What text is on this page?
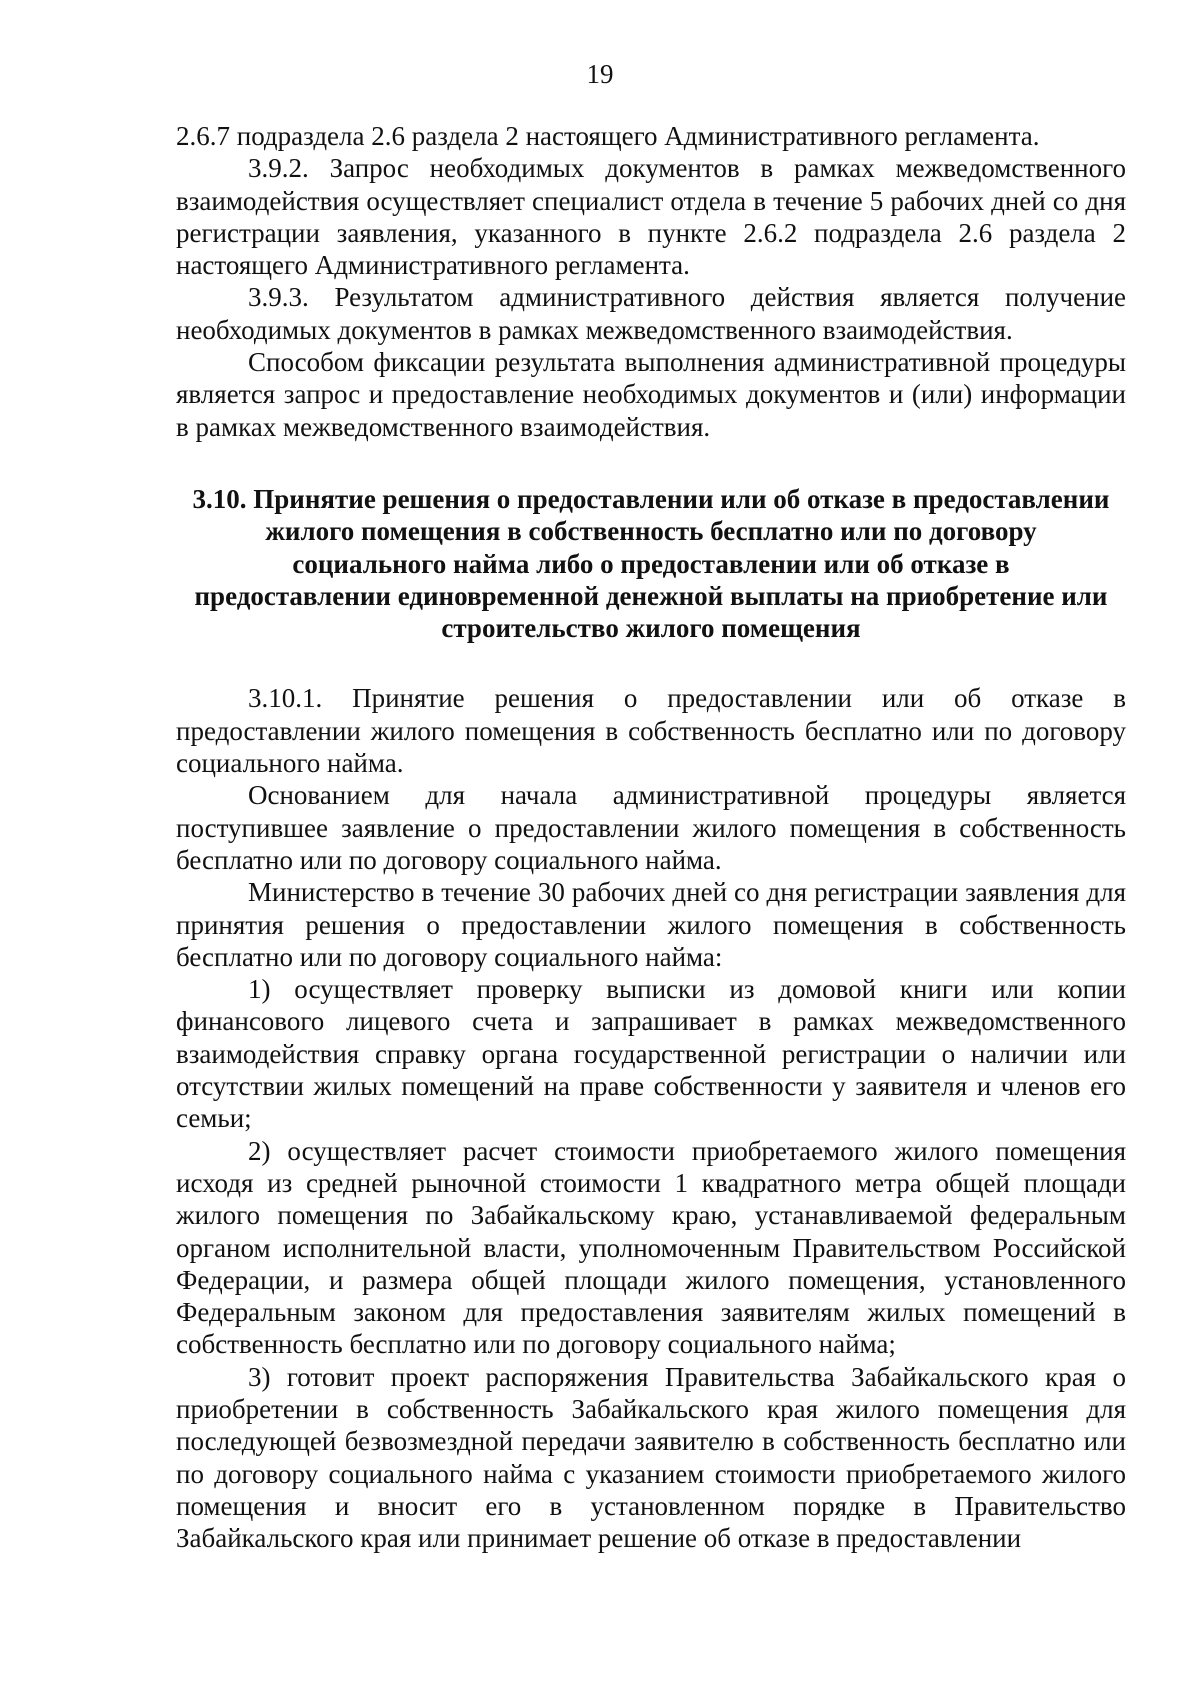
19

2.6.7 подраздела 2.6 раздела 2 настоящего Административного регламента.

3.9.2. Запрос необходимых документов в рамках межведомственного взаимодействия осуществляет специалист отдела в течение 5 рабочих дней со дня регистрации заявления, указанного в пункте 2.6.2 подраздела 2.6 раздела 2 настоящего Административного регламента.

3.9.3. Результатом административного действия является получение необходимых документов в рамках межведомственного взаимодействия.

Способом фиксации результата выполнения административной процедуры является запрос и предоставление необходимых документов и (или) информации в рамках межведомственного взаимодействия.

3.10. Принятие решения о предоставлении или об отказе в предоставлении жилого помещения в собственность бесплатно или по договору социального найма либо о предоставлении или об отказе в предоставлении единовременной денежной выплаты на приобретение или строительство жилого помещения

3.10.1. Принятие решения о предоставлении или об отказе в предоставлении жилого помещения в собственность бесплатно или по договору социального найма.

Основанием для начала административной процедуры является поступившее заявление о предоставлении жилого помещения в собственность бесплатно или по договору социального найма.

Министерство в течение 30 рабочих дней со дня регистрации заявления для принятия решения о предоставлении жилого помещения в собственность бесплатно или по договору социального найма:

1) осуществляет проверку выписки из домовой книги или копии финансового лицевого счета и запрашивает в рамках межведомственного взаимодействия справку органа государственной регистрации о наличии или отсутствии жилых помещений на праве собственности у заявителя и членов его семьи;

2) осуществляет расчет стоимости приобретаемого жилого помещения исходя из средней рыночной стоимости 1 квадратного метра общей площади жилого помещения по Забайкальскому краю, устанавливаемой федеральным органом исполнительной власти, уполномоченным Правительством Российской Федерации, и размера общей площади жилого помещения, установленного Федеральным законом для предоставления заявителям жилых помещений в собственность бесплатно или по договору социального найма;

3) готовит проект распоряжения Правительства Забайкальского края о приобретении в собственность Забайкальского края жилого помещения для последующей безвозмездной передачи заявителю в собственность бесплатно или по договору социального найма с указанием стоимости приобретаемого жилого помещения и вносит его в установленном порядке в Правительство Забайкальского края или принимает решение об отказе в предоставлении
